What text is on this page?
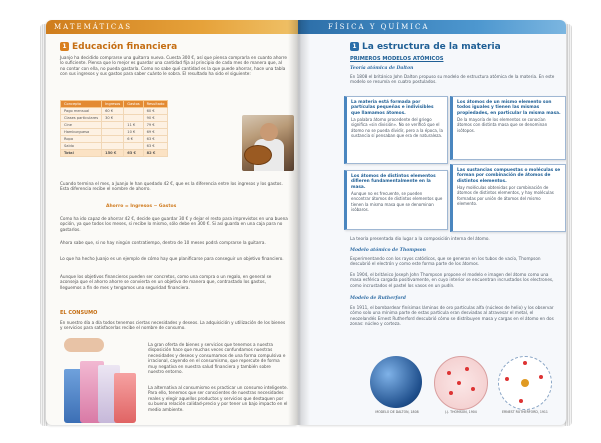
MATEMÁTICAS
1 Educación financiera
Juanjo ha decidido comprarse una guitarra nueva. Cuesta 300 €, así que piensa comprarla en cuanto ahorre lo suficiente. Piensa que lo mejor es guardar una cantidad fija al principio de cada mes de manera que, al no contar con ella, no pueda gastarla. Como no sabe qué cantidad es la que puede ahorrar, hace una tabla con sus ingresos y sus gastos para saber cuánto le sobra. El resultado ha sido el siguiente:
Concepto	Ingresos	Gastos	Resultado
Pago mensual	60 €		60 €
Clases particulares	30 €		90 €
Cine		11 €	79 €
Hamburguesa		10 €	69 €
Ropa		6 €	63 €
Saldo			63 €
Total	150 €	63 €	82 €
Cuando termina el mes, a Juanjo le han quedado 42 €, que es la diferencia entre los ingresos y los gastos. Esta diferencia recibe el nombre de ahorro.
Ahorro = Ingresos − Gastos
Como ha ido capaz de ahorrar 42 €, decide que guardar 30 € y dejar el resto para imprevistos en una buena opción, ya que todos los meses, si recibe lo mismo, sólo debe en 300 €. Si así guarda en una caja para no gastarlos.
Ahora sabe que, si no hay ningún contratiempo, dentro de 10 meses podrá comprarse la guitarra.
Lo que ha hecho Juanjo es un ejemplo de cómo hay que planificarse para conseguir un objetivo financiero.
Aunque los objetivos financieros pueden ser concretos, como una compra o un regalo, en general se aconseja que el ahorro ahorre se convierta en un objetivo de manera que, contrastado los gastos, lleguemos a fin de mes y tengamos una seguridad financiera.
EL CONSUMO
En nuestro día a día todos tenemos ciertas necesidades y deseos. La adquisición y utilización de los bienes y servicios para satisfacerlas recibe el nombre de consumo.
La gran oferta de bienes y servicios que tenemos a nuestra disposición hace que muchas veces confundamos nuestras necesidades y deseos y consumamos de una forma compulsiva e irracional, cayendo en el consumismo, que repercute de forma muy negativa en nuestra salud financiera y también sobre nuestro entorno.
La alternativa al consumismo es practicar un consumo inteligente. Para ello, tenemos que ser conscientes de nuestras necesidades reales y elegir aquellos productos y servicios que destaquen por su buena relación calidad-precio y por tener un bajo impacto en el medio ambiente.
FÍSICA Y QUÍMICA
1 La estructura de la materia
PRIMEROS MODELOS ATÓMICOS
Teoría atómica de Dalton
En 1808 el británico John Dalton propuso su modelo de estructura atómica de la materia. En este modelo se resumía en cuatro postulados.
La materia está formada por partículas pequeñas e indivisibles que llamamos átomos.
La palabra átomo procedente del griego significa «sin división». No se verificó que el átomo no se pueda dividir, pero a la época, la sustancia sí pensaban que era de naturaleza.
Los átomos de un mismo elemento son todos iguales y tienen las mismas propiedades, en particular la misma masa.
De la mayoría de los elementos se conocían átomos con distinta masa que se denominan isótopos.
Los átomos de distintos elementos difieren fundamentalmente en la masa.
Aunque no es frecuente, se pueden encontrar átomos de distintos elementos que tienen la misma masa que se denominan isóbaros.
Las sustancias compuestas o moléculas se forman por combinación de átomos de distintos elementos.
Hay moléculas obtenidas por combinación de átomos de distintos elementos, y hay moléculas formadas por unión de átomos del mismo elemento.
La teoría presentada dio lugar a la composición interna del átomo.
Modelo atómico de Thompson
Experimentando con los rayos catódicos, que se generan en los tubos de vacío, Thompson descubrió el electrón y como este forma parte de los átomos.
En 1904, el británico Joseph John Thompson propone el modelo e imagen del átomo como una masa esférica cargada positivamente, en cuyo interior se encuentran incrustados los electrones, como incrustados el pastel los vasos en un pudín.
Modelo de Rutherford
En 1911, el bombardear finísimas láminas de oro partículas alfa (núcleos de helio) y los observar cómo solo una mínima parte de estas partícula eran desviadas al atravesar el metal, el neozelandés Ernest Rutherford descubrió cómo se distribuyen masa y cargas en el átomo en dos zonas: núcleo y corteza.
MODELO DE DALTON, 1808	J.J. THOMSON, 1904	ERNEST RUTHERFORD, 1911
